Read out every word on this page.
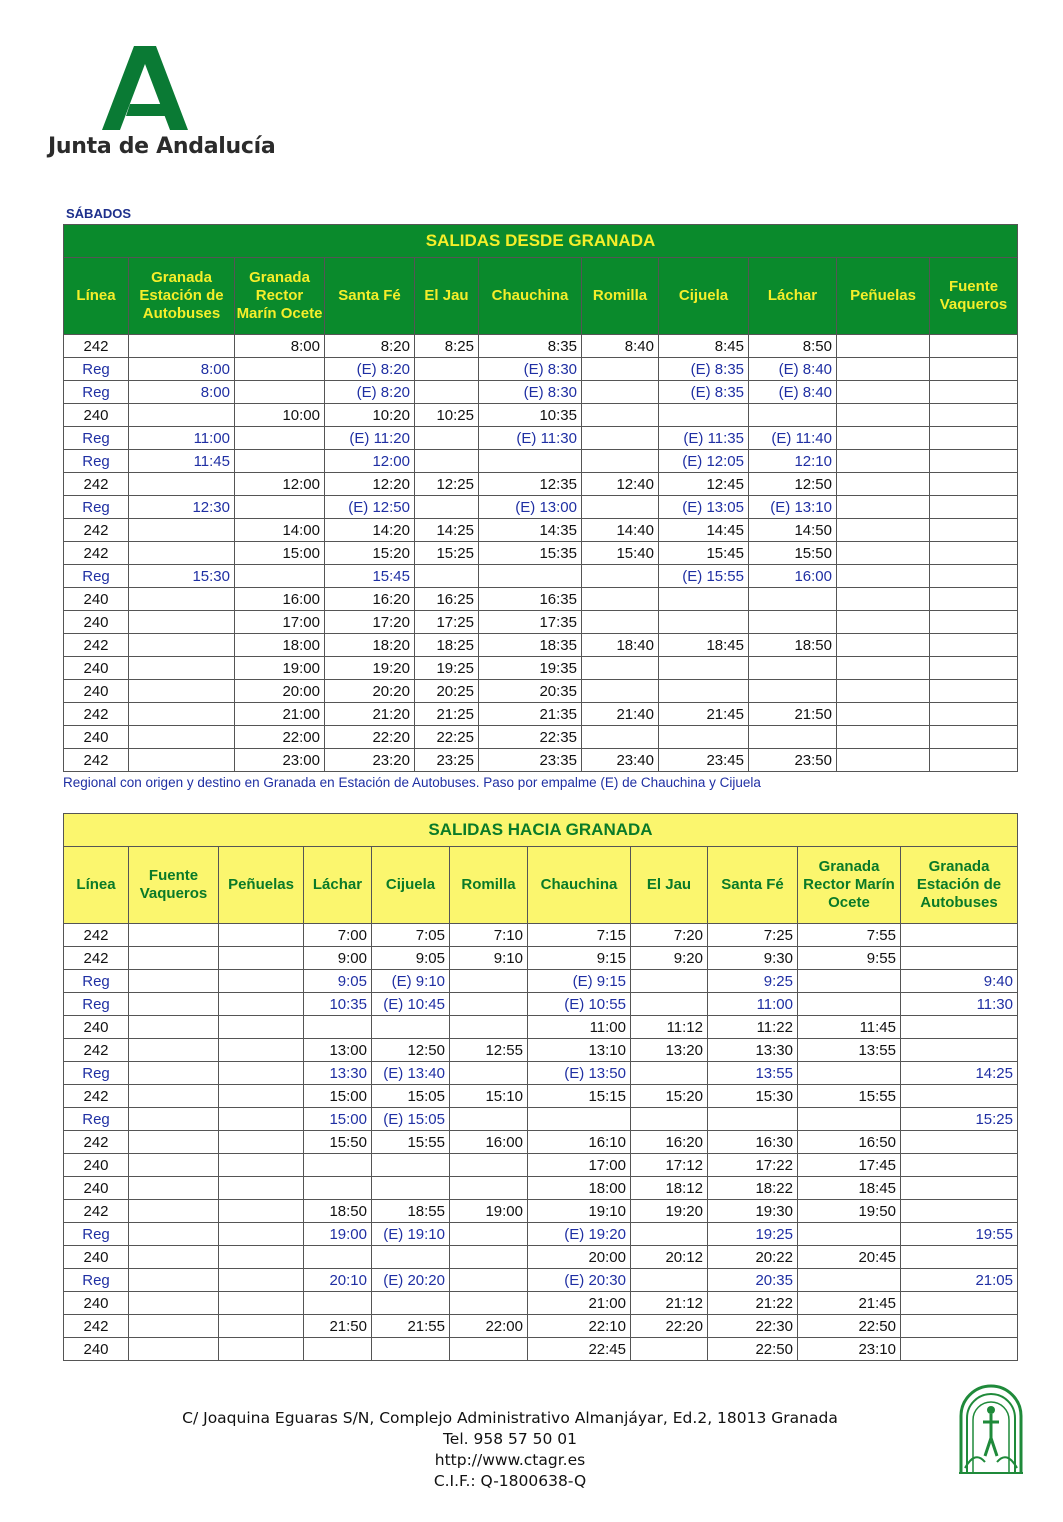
Junta de Andalucía
SÁBADOS
SALIDAS DESDE GRANADA										
Línea	Granada Estación de Autobuses	Granada Rector Marín Ocete	Santa Fé	El Jau	Chauchina	Romilla	Cijuela	Láchar	Peñuelas	Fuente Vaqueros
242		8:00	8:20	8:25	8:35	8:40	8:45	8:50		
Reg	8:00		(E) 8:20		(E) 8:30		(E) 8:35	(E) 8:40		
Reg	8:00		(E) 8:20		(E) 8:30		(E) 8:35	(E) 8:40		
240		10:00	10:20	10:25	10:35					
Reg	11:00		(E) 11:20		(E) 11:30		(E) 11:35	(E) 11:40		
Reg	11:45		12:00				(E) 12:05	12:10		
242		12:00	12:20	12:25	12:35	12:40	12:45	12:50		
Reg	12:30		(E) 12:50		(E) 13:00		(E) 13:05	(E) 13:10		
242		14:00	14:20	14:25	14:35	14:40	14:45	14:50		
242		15:00	15:20	15:25	15:35	15:40	15:45	15:50		
Reg	15:30		15:45				(E) 15:55	16:00		
240		16:00	16:20	16:25	16:35					
240		17:00	17:20	17:25	17:35					
242		18:00	18:20	18:25	18:35	18:40	18:45	18:50		
240		19:00	19:20	19:25	19:35					
240		20:00	20:20	20:25	20:35					
242		21:00	21:20	21:25	21:35	21:40	21:45	21:50		
240		22:00	22:20	22:25	22:35					
242		23:00	23:20	23:25	23:35	23:40	23:45	23:50		
Regional con origen y destino en Granada en Estación de Autobuses. Paso por empalme (E) de Chauchina y Cijuela
SALIDAS HACIA GRANADA										
Línea	Fuente Vaqueros	Peñuelas	Láchar	Cijuela	Romilla	Chauchina	El Jau	Santa Fé	Granada Rector Marín Ocete	Granada Estación de Autobuses
242			7:00	7:05	7:10	7:15	7:20	7:25	7:55	
242			9:00	9:05	9:10	9:15	9:20	9:30	9:55	
Reg			9:05	(E) 9:10		(E) 9:15		9:25		9:40
Reg			10:35	(E) 10:45		(E) 10:55		11:00		11:30
240						11:00	11:12	11:22	11:45	
242			13:00	12:50	12:55	13:10	13:20	13:30	13:55	
Reg			13:30	(E) 13:40		(E) 13:50		13:55		14:25
242			15:00	15:05	15:10	15:15	15:20	15:30	15:55	
Reg			15:00	(E) 15:05						15:25
242			15:50	15:55	16:00	16:10	16:20	16:30	16:50	
240						17:00	17:12	17:22	17:45	
240						18:00	18:12	18:22	18:45	
242			18:50	18:55	19:00	19:10	19:20	19:30	19:50	
Reg			19:00	(E) 19:10		(E) 19:20		19:25		19:55
240						20:00	20:12	20:22	20:45	
Reg			20:10	(E) 20:20		(E) 20:30		20:35		21:05
240						21:00	21:12	21:22	21:45	
242			21:50	21:55	22:00	22:10	22:20	22:30	22:50	
240						22:45		22:50	23:10	
C/ Joaquina Eguaras S/N, Complejo Administrativo Almanjáyar, Ed.2, 18013 Granada
Tel. 958 57 50 01
http://www.ctagr.es
C.I.F.: Q-1800638-Q
